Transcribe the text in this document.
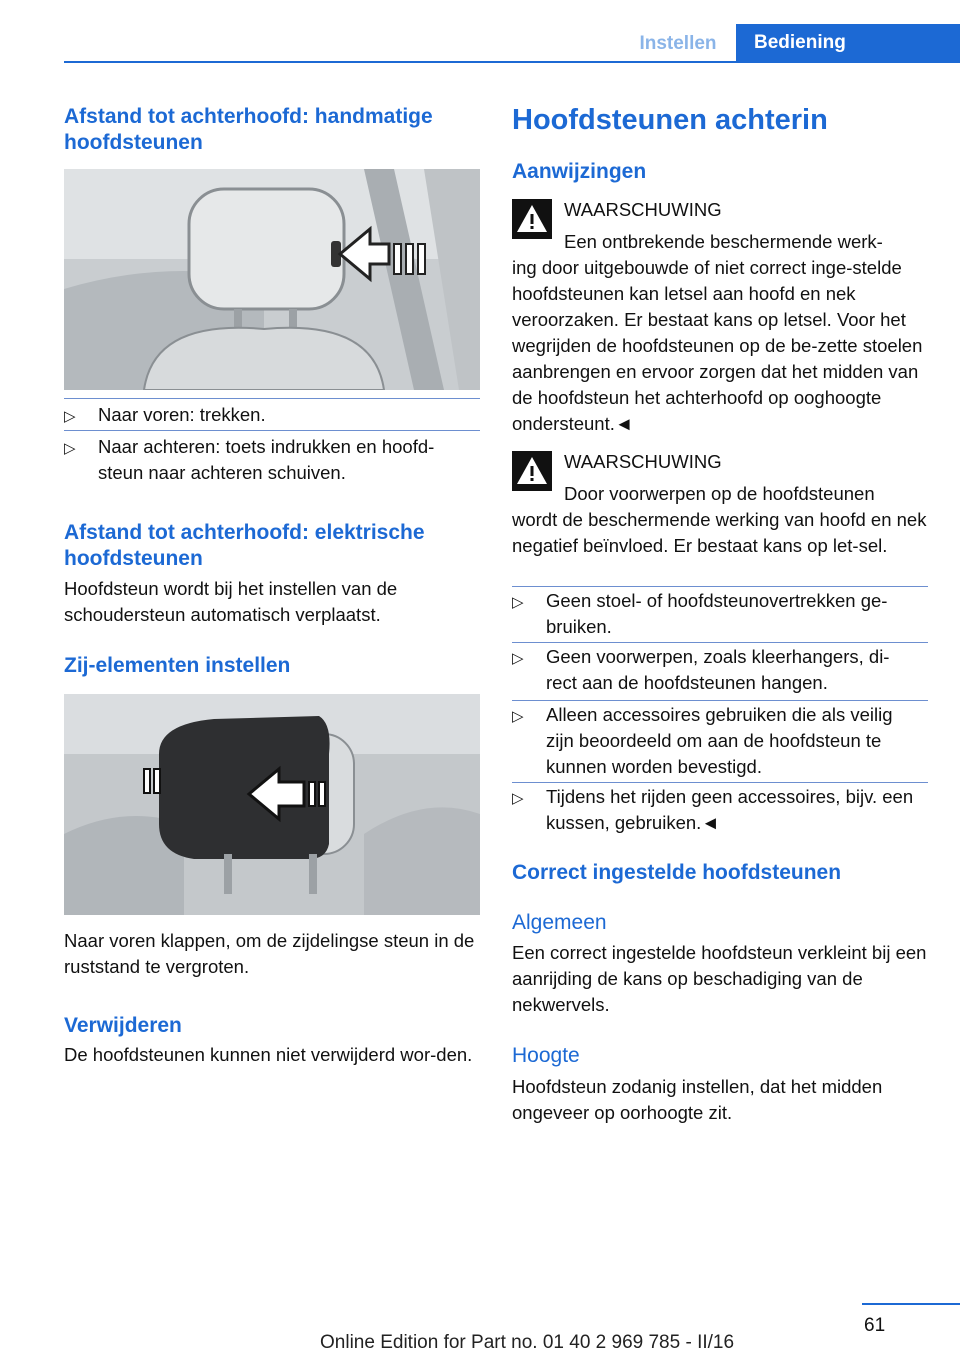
Instellen	Bediening
Afstand tot achterhoofd: handmatige hoofdsteunen
▷	Naar voren: trekken.
▷	Naar achteren: toets indrukken en hoofd-steun naar achteren schuiven.
Afstand tot achterhoofd: elektrische hoofdsteunen
Hoofdsteun wordt bij het instellen van de schoudersteun automatisch verplaatst.
Zij-elementen instellen
Naar voren klappen, om de zijdelingse steun in de ruststand te vergroten.
Verwijderen
De hoofdsteunen kunnen niet verwijderd wor-den.
Hoofdsteunen achterin
Aanwijzingen
WAARSCHUWING
Een ontbrekende beschermende werk-
ing door uitgebouwde of niet correct inge-stelde hoofdsteunen kan letsel aan hoofd en nek veroorzaken. Er bestaat kans op letsel. Voor het wegrijden de hoofdsteunen op de be-zette stoelen aanbrengen en ervoor zorgen dat het midden van de hoofdsteun het achterhoofd op ooghoogte ondersteunt.◄
WAARSCHUWING
Door voorwerpen op de hoofdsteunen
wordt de beschermende werking van hoofd en nek negatief beïnvloed. Er bestaat kans op let-sel.
▷	Geen stoel- of hoofdsteunovertrekken ge-bruiken.
▷	Geen voorwerpen, zoals kleerhangers, di-rect aan de hoofdsteunen hangen.
▷	Alleen accessoires gebruiken die als veilig zijn beoordeeld om aan de hoofdsteun te kunnen worden bevestigd.
▷	Tijdens het rijden geen accessoires, bijv. een kussen, gebruiken.◄
Correct ingestelde hoofdsteunen
Algemeen
Een correct ingestelde hoofdsteun verkleint bij een aanrijding de kans op beschadiging van de nekwervels.
Hoogte
Hoofdsteun zodanig instellen, dat het midden ongeveer op oorhoogte zit.
61
Online Edition for Part no. 01 40 2 969 785 - II/16
